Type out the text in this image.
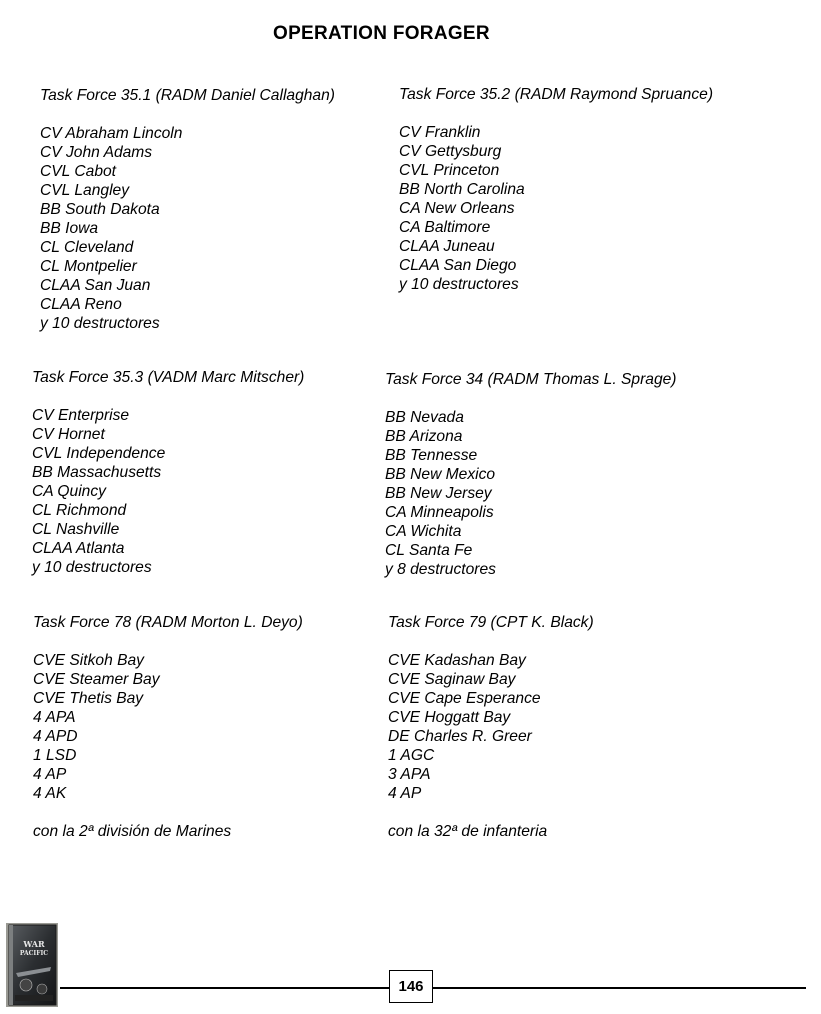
OPERATION FORAGER
Task Force 35.1 (RADM Daniel Callaghan)
CV Abraham Lincoln
CV John Adams
CVL Cabot
CVL Langley
BB South Dakota
BB Iowa
CL Cleveland
CL Montpelier
CLAA San Juan
CLAA Reno
y 10 destructores
Task Force 35.2 (RADM Raymond Spruance)
CV Franklin
CV Gettysburg
CVL Princeton
BB North Carolina
CA New Orleans
CA Baltimore
CLAA Juneau
CLAA San Diego
y 10 destructores
Task Force 35.3 (VADM Marc Mitscher)
CV Enterprise
CV Hornet
CVL Independence
BB Massachusetts
CA Quincy
CL Richmond
CL Nashville
CLAA Atlanta
y 10 destructores
Task Force 34 (RADM Thomas L. Sprage)
BB Nevada
BB Arizona
BB Tennesse
BB New Mexico
BB New Jersey
CA Minneapolis
CA Wichita
CL Santa Fe
y 8 destructores
Task Force 78 (RADM Morton L. Deyo)
CVE Sitkoh Bay
CVE Steamer Bay
CVE Thetis Bay
4 APA
4 APD
1 LSD
4 AP
4 AK
con la 2ª división de Marines
Task Force 79 (CPT K. Black)
CVE Kadashan Bay
CVE Saginaw Bay
CVE Cape Esperance
CVE Hoggatt Bay
DE Charles R. Greer
1 AGC
3 APA
4 AP
con la 32ª de infanteria
146
WAR
PACIFIC
